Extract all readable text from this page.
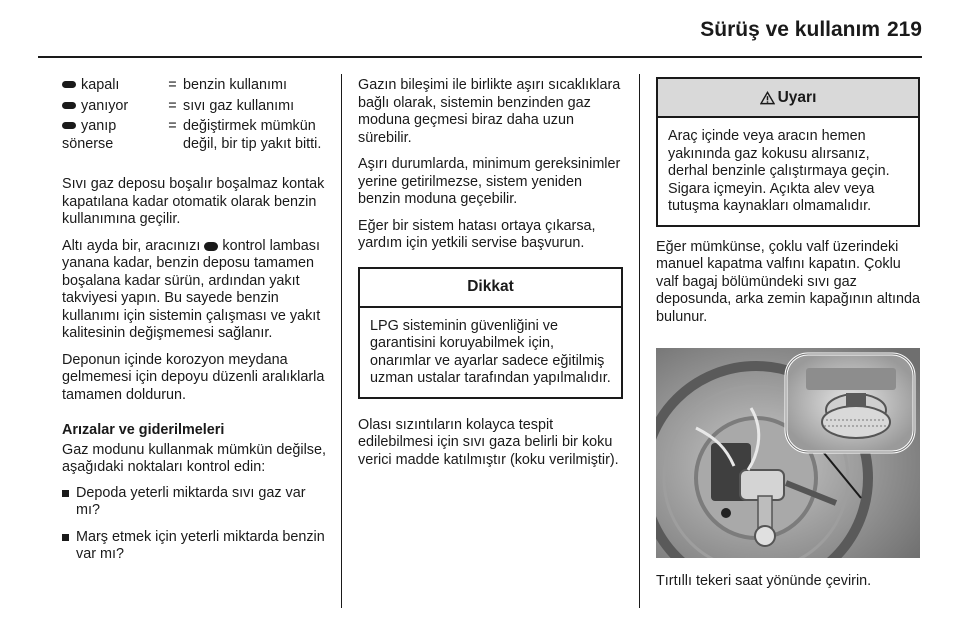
Sürüş ve kullanım 219
kapalı	=	benzin kullanımı
yanıyor	=	sıvı gaz kullanımı
yanıp sönerse	=	değiştirmek mümkün değil, bir tip yakıt bitti.

Sıvı gaz deposu boşalır boşalmaz kontak kapatılana kadar otomatik olarak benzin kullanımına geçilir.

Altı ayda bir, aracınızı kontrol lambası yanana kadar, benzin deposu tamamen boşalana kadar sürün, ardından yakıt takviyesi yapın. Bu sayede benzin kullanımı için sistemin çalışması ve yakıt kalitesinin değişmemesi sağlanır.

Deponun içinde korozyon meydana gelmemesi için depoyu düzenli aralıklarla tamamen doldurun.

Arızalar ve giderilmeleri
Gaz modunu kullanmak mümkün değilse, aşağıdaki noktaları kontrol edin:
Depoda yeterli miktarda sıvı gaz var mı?
Marş etmek için yeterli miktarda benzin var mı?

Gazın bileşimi ile birlikte aşırı sıcaklıklara bağlı olarak, sistemin benzinden gaz moduna geçmesi biraz daha uzun sürebilir.

Aşırı durumlarda, minimum gereksinimler yerine getirilmezse, sistem yeniden benzin moduna geçebilir.

Eğer bir sistem hatası ortaya çıkarsa, yardım için yetkili servise başvurun.

Dikkat
LPG sisteminin güvenliğini ve garantisini koruyabilmek için, onarımlar ve ayarlar sadece eğitilmiş uzman ustalar tarafından yapılmalıdır.

Olası sızıntıların kolayca tespit edilebilmesi için sıvı gaza belirli bir koku verici madde katılmıştır (koku verilmiştir).

Uyarı
Araç içinde veya aracın hemen yakınında gaz kokusu alırsanız, derhal benzinle çalıştırmaya geçin. Sigara içmeyin. Açıkta alev veya tutuşma kaynakları olmamalıdır.

Eğer mümkünse, çoklu valf üzerindeki manuel kapatma valfını kapatın. Çoklu valf bagaj bölümündeki sıvı gaz deposunda, arka zemin kapağının altında bulunur.

Tırtıllı tekeri saat yönünde çevirin.
